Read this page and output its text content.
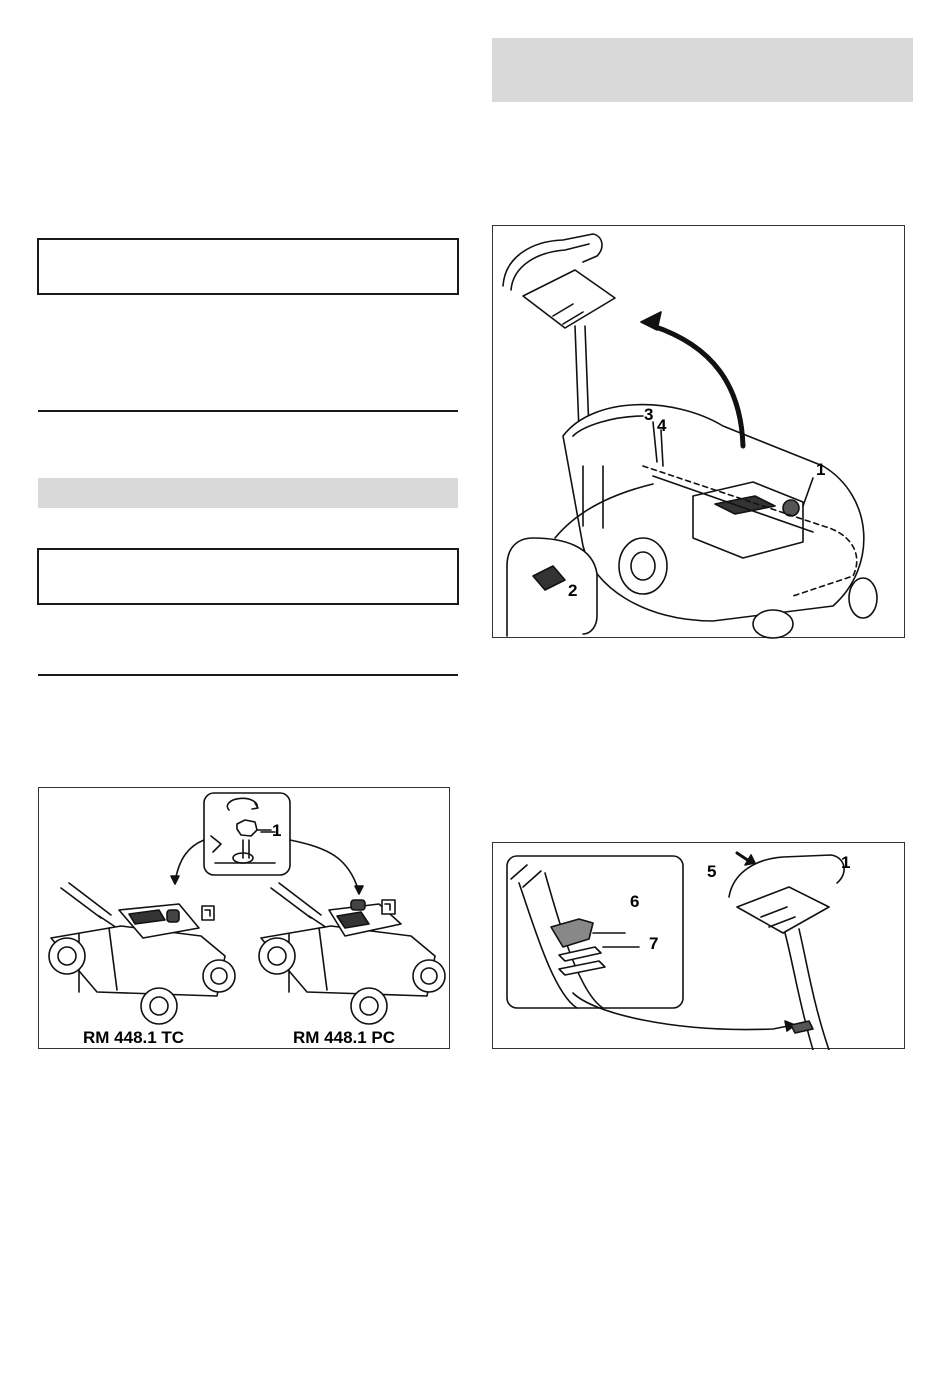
1
RM 448.1 TC	RM 448.1 PC
3
4
1
2
5	1
6
7
